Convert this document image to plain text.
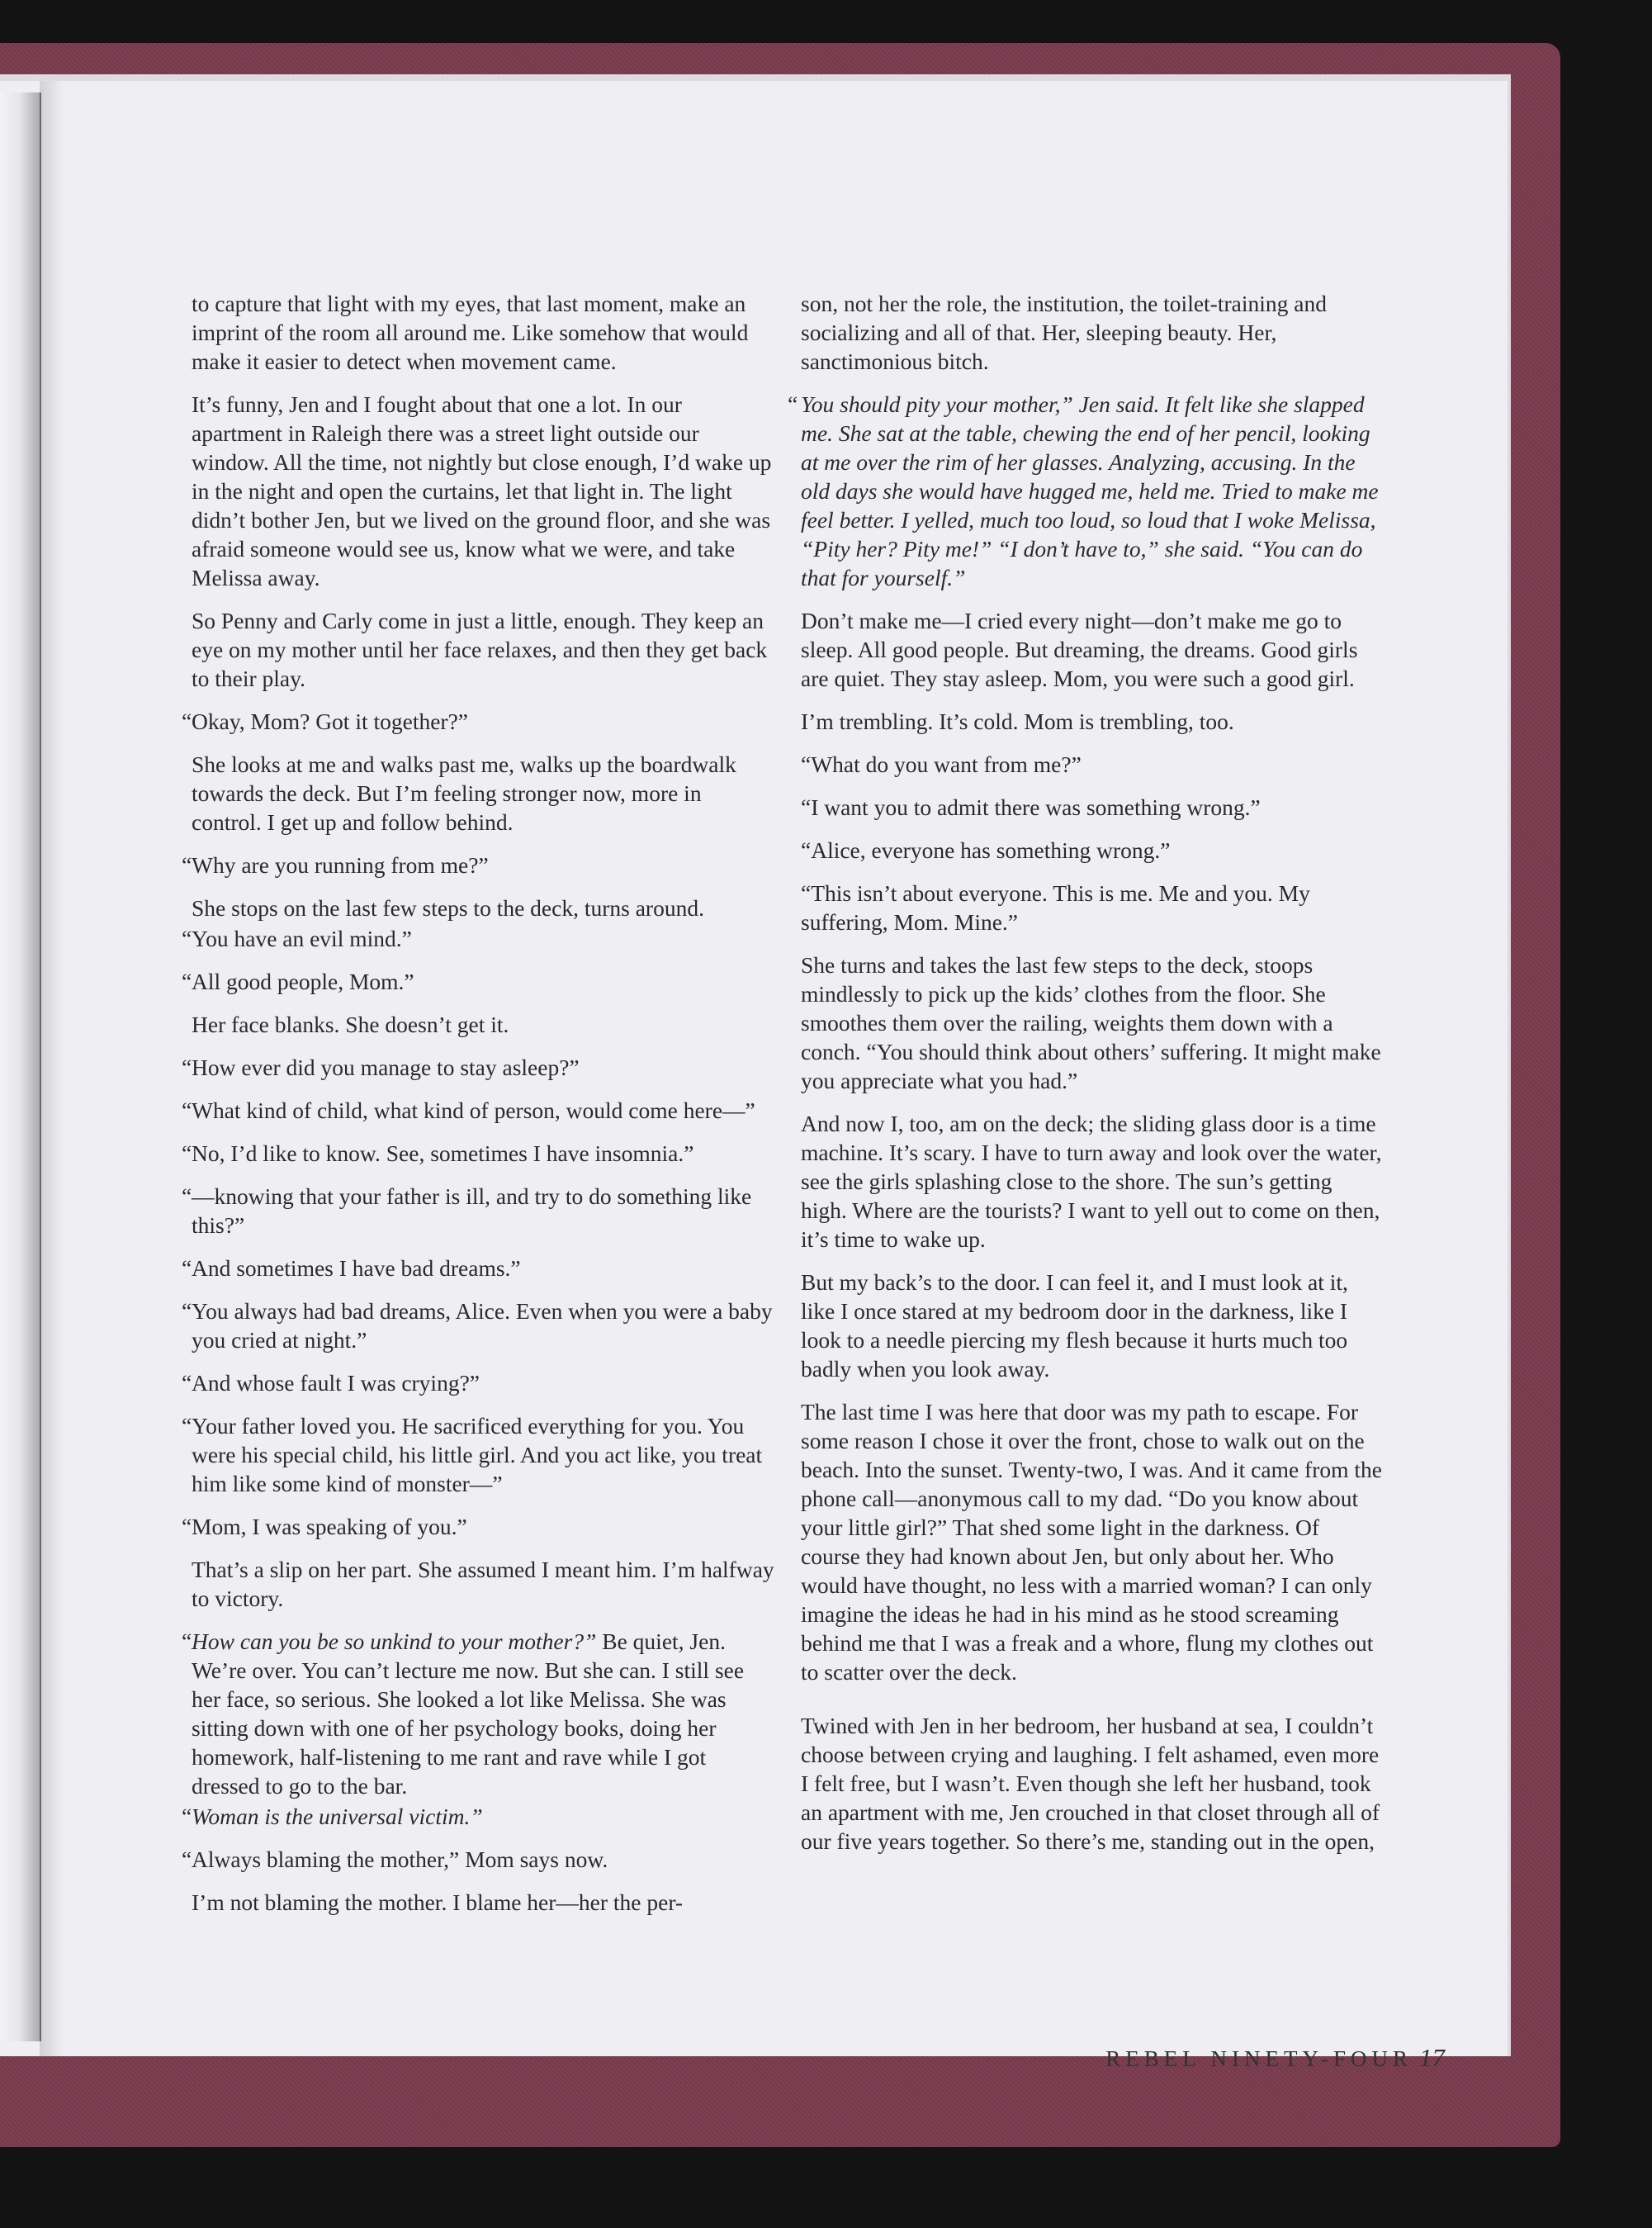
to capture that light with my eyes, that last moment, make an imprint of the room all around me. Like somehow that would make it easier to detect when movement came.

It’s funny, Jen and I fought about that one a lot. In our apartment in Raleigh there was a street light outside our window. All the time, not nightly but close enough, I’d wake up in the night and open the curtains, let that light in. The light didn’t bother Jen, but we lived on the ground floor, and she was afraid someone would see us, know what we were, and take Melissa away.

So Penny and Carly come in just a little, enough. They keep an eye on my mother until her face relaxes, and then they get back to their play.

“ Okay, Mom? Got it together?”

She looks at me and walks past me, walks up the boardwalk towards the deck. But I’m feeling stronger now, more in control. I get up and follow behind.

“ Why are you running from me?”

She stops on the last few steps to the deck, turns around.

“ You have an evil mind.”

“ All good people, Mom.”

Her face blanks. She doesn’t get it.

“ How ever did you manage to stay asleep?”

“ What kind of child, what kind of person, would come here—”

“ No, I’d like to know. See, sometimes I have insomnia.”

“ —knowing that your father is ill, and try to do something like this?”

“ And sometimes I have bad dreams.”

“ You always had bad dreams, Alice. Even when you were a baby you cried at night.”

“ And whose fault I was crying?”

“ Your father loved you. He sacrificed everything for you. You were his special child, his little girl. And you act like, you treat him like some kind of monster—”

“ Mom, I was speaking of you.”

That’s a slip on her part. She assumed I meant him. I’m halfway to victory.

“ How can you be so unkind to your mother?” Be quiet, Jen. We’re over. You can’t lecture me now. But she can. I still see her face, so serious. She looked a lot like Melissa. She was sitting down with one of her psychology books, doing her homework, half-listening to me rant and rave while I got dressed to go to the bar.

“ Woman is the universal victim.”

“ Always blaming the mother,” Mom says now.

I’m not blaming the mother. I blame her—her the per-

son, not her the role, the institution, the toilet-training and socializing and all of that. Her, sleeping beauty. Her, sanctimonious bitch.

“ You should pity your mother,” Jen said. It felt like she slapped me. She sat at the table, chewing the end of her pencil, looking at me over the rim of her glasses. Analyzing, accusing. In the old days she would have hugged me, held me. Tried to make me feel better. I yelled, much too loud, so loud that I woke Melissa, “Pity her? Pity me!” “I don’t have to,” she said. “You can do that for yourself.”

Don’t make me—I cried every night—don’t make me go to sleep. All good people. But dreaming, the dreams. Good girls are quiet. They stay asleep. Mom, you were such a good girl.

I’m trembling. It’s cold. Mom is trembling, too.

“What do you want from me?”

“I want you to admit there was something wrong.”

“Alice, everyone has something wrong.”

“This isn’t about everyone. This is me. Me and you. My suffering, Mom. Mine.”

She turns and takes the last few steps to the deck, stoops mindlessly to pick up the kids’ clothes from the floor. She smoothes them over the railing, weights them down with a conch. “You should think about others’ suffering. It might make you appreciate what you had.”

And now I, too, am on the deck; the sliding glass door is a time machine. It’s scary. I have to turn away and look over the water, see the girls splashing close to the shore. The sun’s getting high. Where are the tourists? I want to yell out to come on then, it’s time to wake up.

But my back’s to the door. I can feel it, and I must look at it, like I once stared at my bedroom door in the darkness, like I look to a needle piercing my flesh because it hurts much too badly when you look away.

The last time I was here that door was my path to escape. For some reason I chose it over the front, chose to walk out on the beach. Into the sunset. Twenty-two, I was. And it came from the phone call—anonymous call to my dad. “Do you know about your little girl?” That shed some light in the darkness. Of course they had known about Jen, but only about her. Who would have thought, no less with a married woman? I can only imagine the ideas he had in his mind as he stood screaming behind me that I was a freak and a whore, flung my clothes out to scatter over the deck.

Twined with Jen in her bedroom, her husband at sea, I couldn’t choose between crying and laughing. I felt ashamed, even more I felt free, but I wasn’t. Even though she left her husband, took an apartment with me, Jen crouched in that closet through all of our five years together. So there’s me, standing out in the open,

REBEL NINETY-FOUR 17
